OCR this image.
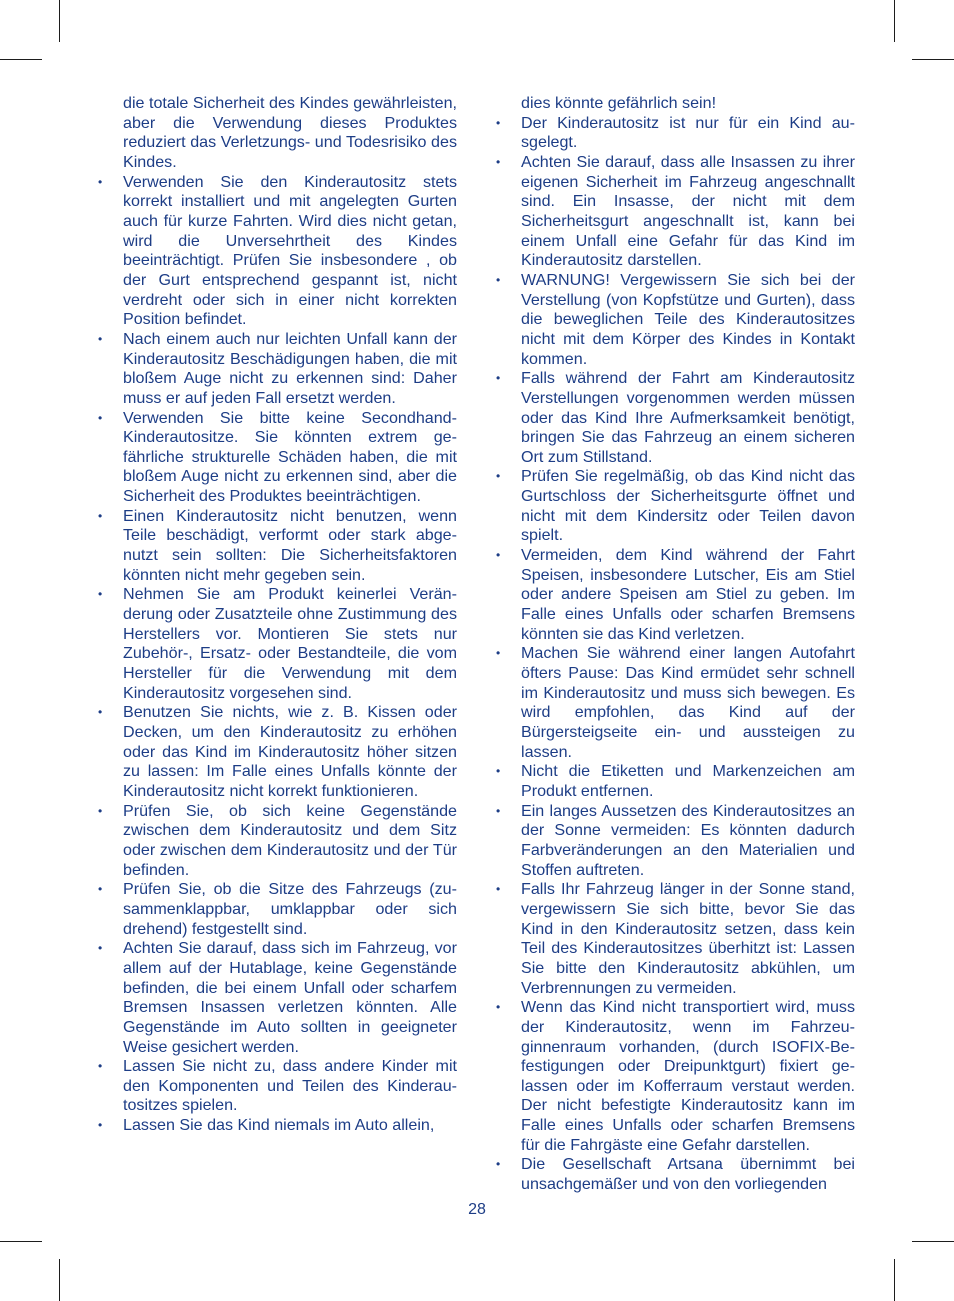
die totale Sicherheit des Kindes gewährleisten, aber die Verwendung dieses Produktes reduziert das Verletzungs- und Todesrisiko des Kindes.
• Verwenden Sie den Kinderautositz stets korrekt installiert und mit angelegten Gurten auch für kurze Fahrten. Wird dies nicht getan, wird die Unversehrtheit des Kindes beeinträchtigt. Prüfen Sie insbesondere , ob der Gurt entsprechend gespannt ist, nicht verdreht oder sich in einer nicht korrekten Position befindet.
• Nach einem auch nur leichten Unfall kann der Kinderautositz Beschädigungen haben, die mit bloßem Auge nicht zu erkennen sind: Daher muss er auf jeden Fall ersetzt werden.
• Verwenden Sie bitte keine Secondhand-Kinderautositze. Sie könnten extrem gefährliche strukturelle Schäden haben, die mit bloßem Auge nicht zu erkennen sind, aber die Sicherheit des Produktes beeinträchtigen.
• Einen Kinderautositz nicht benutzen, wenn Teile beschädigt, verformt oder stark abgenutzt sein sollten: Die Sicherheitsfaktoren könnten nicht mehr gegeben sein.
• Nehmen Sie am Produkt keinerlei Veränderung oder Zusatzteile ohne Zustimmung des Herstellers vor. Montieren Sie stets nur Zubehör-, Ersatz- oder Bestandteile, die vom Hersteller für die Verwendung mit dem Kinderautositz vorgesehen sind.
• Benutzen Sie nichts, wie z. B. Kissen oder Decken, um den Kinderautositz zu erhöhen oder das Kind im Kinderautositz höher sitzen zu lassen: Im Falle eines Unfalls könnte der Kinderautositz nicht korrekt funktionieren.
• Prüfen Sie, ob sich keine Gegenstände zwischen dem Kinderautositz und dem Sitz oder zwischen dem Kinderautositz und der Tür befinden.
• Prüfen Sie, ob die Sitze des Fahrzeugs (zusammenklappbar, umklappbar oder sich drehend) festgestellt sind.
• Achten Sie darauf, dass sich im Fahrzeug, vor allem auf der Hutablage, keine Gegenstände befinden, die bei einem Unfall oder scharfem Bremsen Insassen verletzen könnten. Alle Gegenstände im Auto sollten in geeigneter Weise gesichert werden.
• Lassen Sie nicht zu, dass andere Kinder mit den Komponenten und Teilen des Kinderautositzes spielen.
• Lassen Sie das Kind niemals im Auto allein,
dies könnte gefährlich sein!
• Der Kinderautositz ist nur für ein Kind ausgelegt.
• Achten Sie darauf, dass alle Insassen zu ihrer eigenen Sicherheit im Fahrzeug angeschnallt sind. Ein Insasse, der nicht mit dem Sicherheitsgurt angeschnallt ist, kann bei einem Unfall eine Gefahr für das Kind im Kinderautositz darstellen.
• WARNUNG! Vergewissern Sie sich bei der Verstellung (von Kopfstütze und Gurten), dass die beweglichen Teile des Kinderautositzes nicht mit dem Körper des Kindes in Kontakt kommen.
• Falls während der Fahrt am Kinderautositz Verstellungen vorgenommen werden müssen oder das Kind Ihre Aufmerksamkeit benötigt, bringen Sie das Fahrzeug an einem sicheren Ort zum Stillstand.
• Prüfen Sie regelmäßig, ob das Kind nicht das Gurtschloss der Sicherheitsgurte öffnet und nicht mit dem Kindersitz oder Teilen davon spielt.
• Vermeiden, dem Kind während der Fahrt Speisen, insbesondere Lutscher, Eis am Stiel oder andere Speisen am Stiel zu geben. Im Falle eines Unfalls oder scharfen Bremsens könnten sie das Kind verletzen.
• Machen Sie während einer langen Autofahrt öfters Pause: Das Kind ermüdet sehr schnell im Kinderautositz und muss sich bewegen. Es wird empfohlen, das Kind auf der Bürgersteigseite ein- und aussteigen zu lassen.
• Nicht die Etiketten und Markenzeichen am Produkt entfernen.
• Ein langes Aussetzen des Kinderautositzes an der Sonne vermeiden: Es könnten dadurch Farbveränderungen an den Materialien und Stoffen auftreten.
• Falls Ihr Fahrzeug länger in der Sonne stand, vergewissern Sie sich bitte, bevor Sie das Kind in den Kinderautositz setzen, dass kein Teil des Kinderautositzes überhitzt ist: Lassen Sie bitte den Kinderautositz abkühlen, um Verbrennungen zu vermeiden.
• Wenn das Kind nicht transportiert wird, muss der Kinderautositz, wenn im Fahrzeuginnenraum vorhanden, (durch ISOFIX-Befestigungen oder Dreipunktgurt) fixiert gelassen oder im Kofferraum verstaut werden. Der nicht befestigte Kinderautositz kann im Falle eines Unfalls oder scharfen Bremsens für die Fahrgäste eine Gefahr darstellen.
• Die Gesellschaft Artsana übernimmt bei unsachgemäßer und von den vorliegenden
28
